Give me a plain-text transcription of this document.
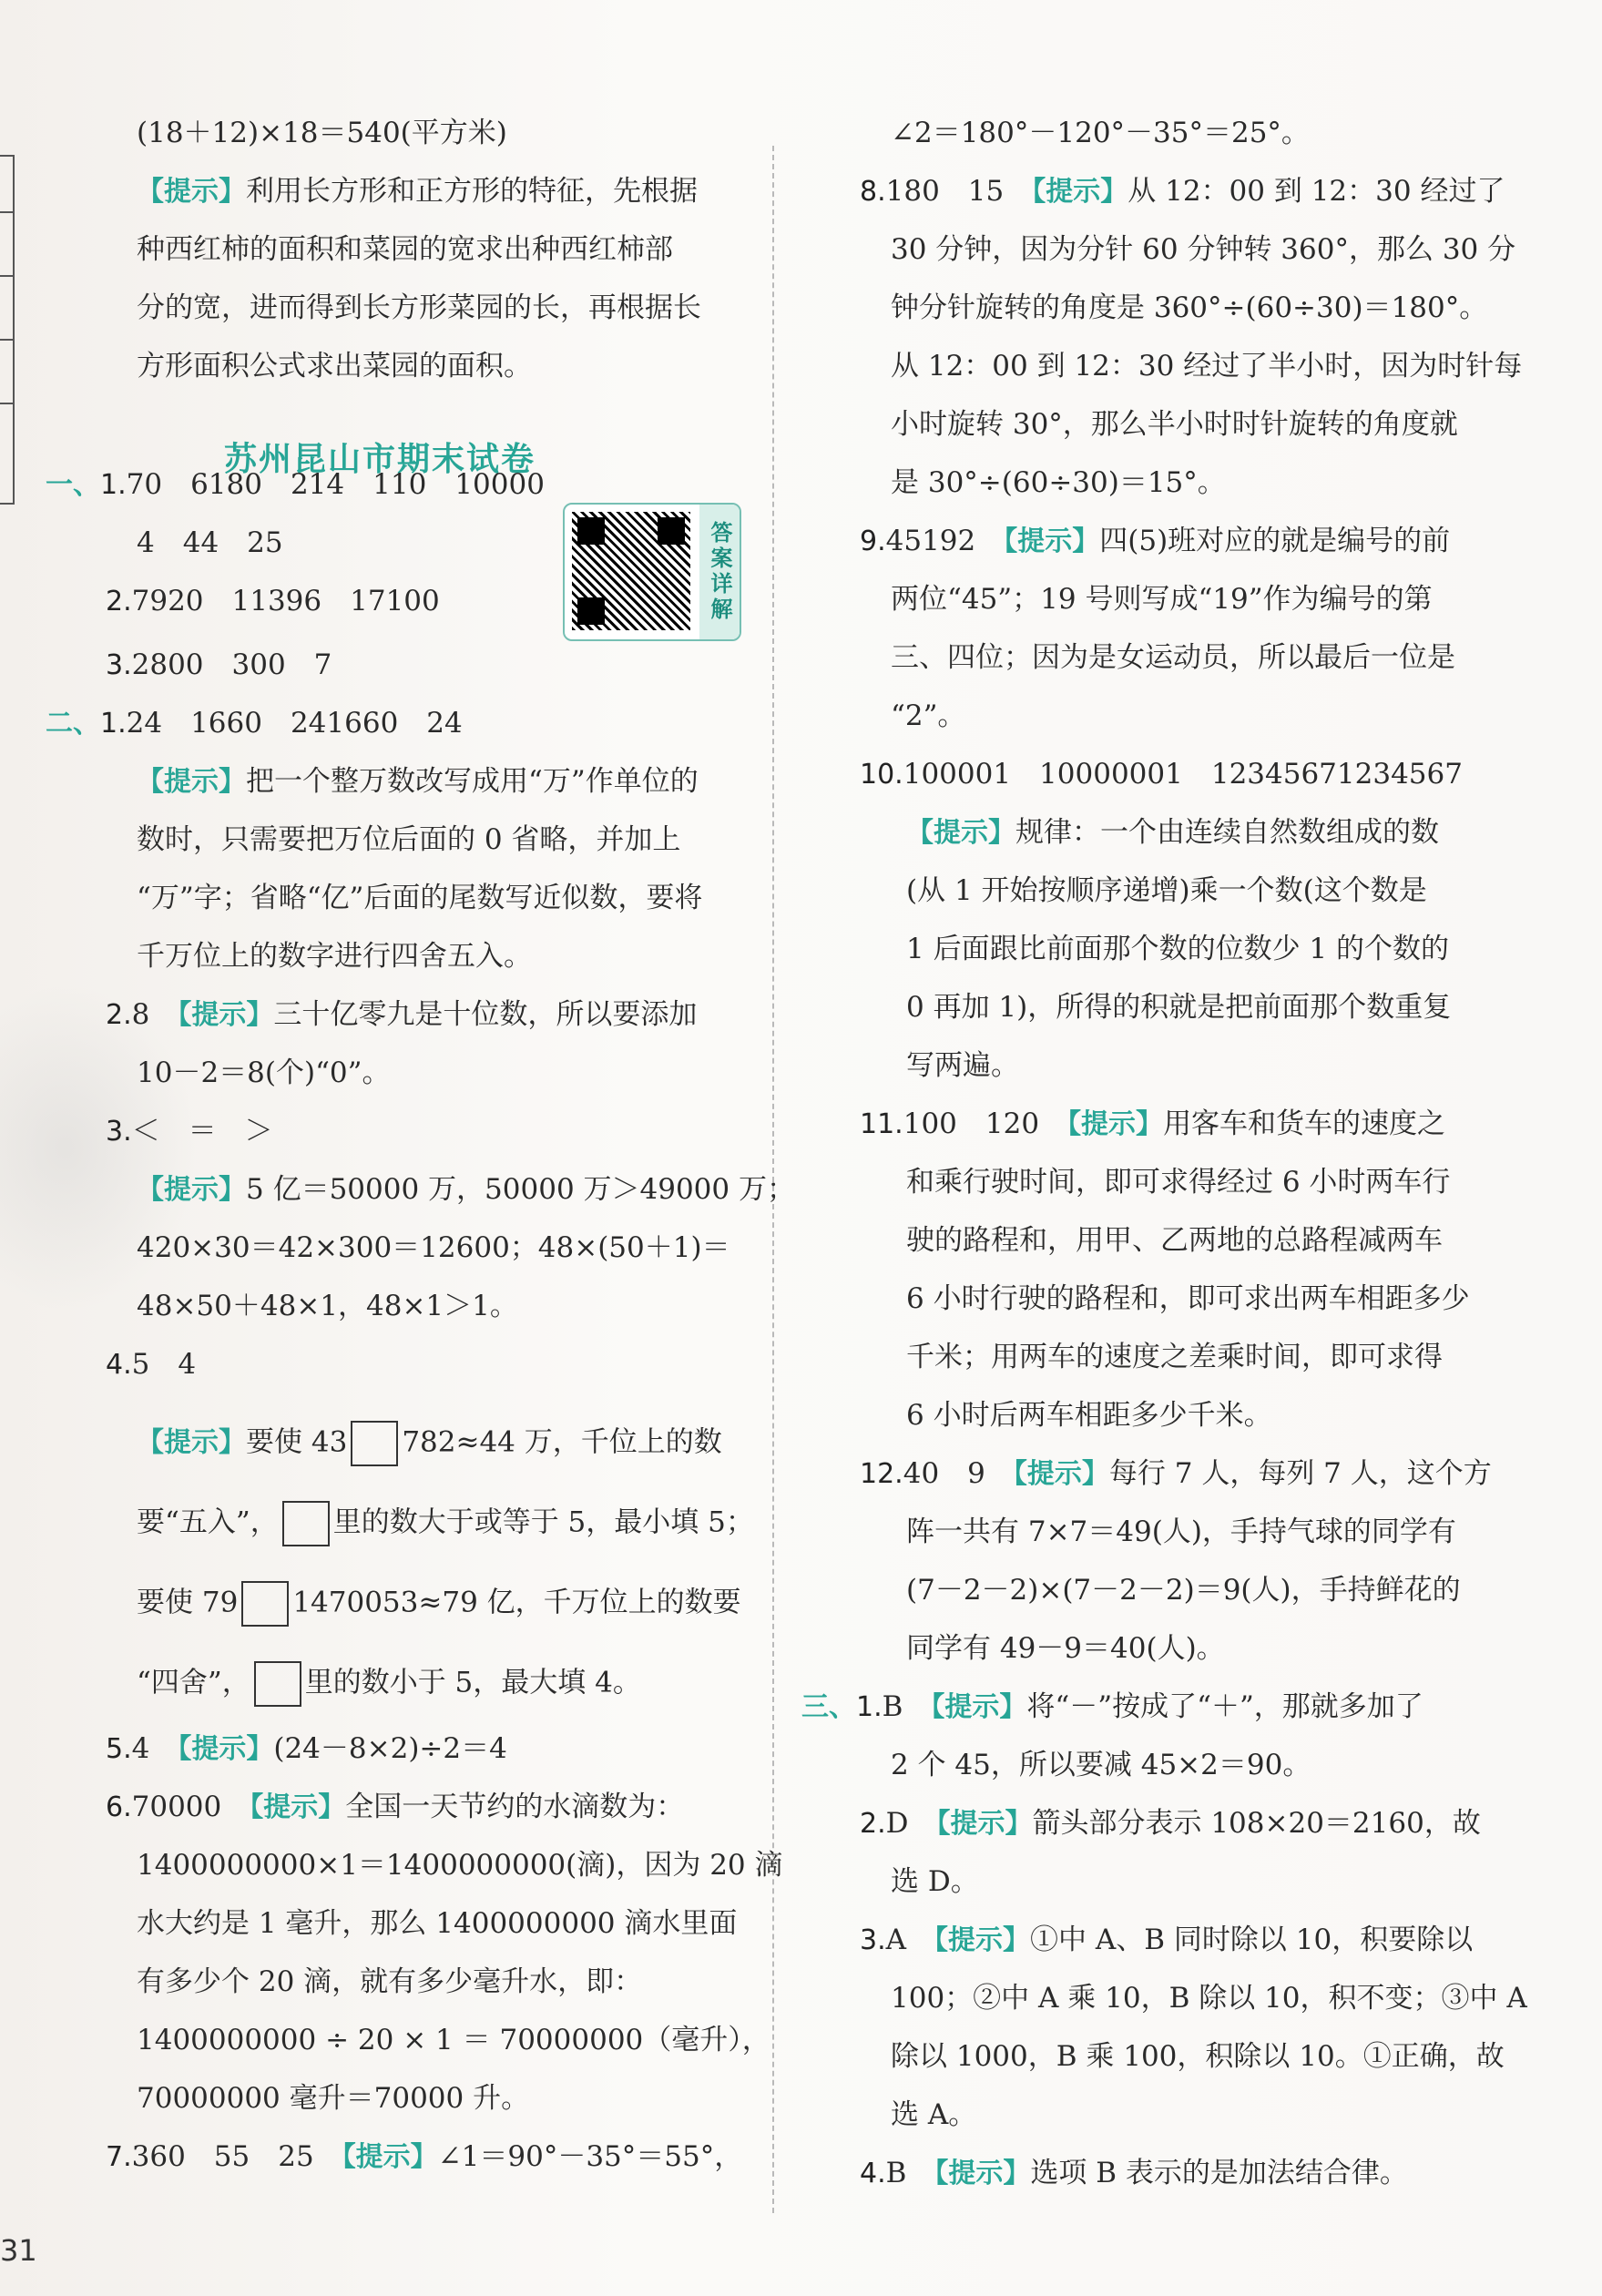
苏州昆山市期末试卷
答案详解
(18＋12)×18＝540(平方米)
【提示】利用长方形和正方形的特征，先根据
种西红柿的面积和菜园的宽求出种西红柿部
分的宽，进而得到长方形菜园的长，再根据长
方形面积公式求出菜园的面积。
一、1.70　6180　214　110　10000
4　44　25
2.7920　11396　17100
3.2800　300　7
二、1.24　1660　241660　24
【提示】把一个整万数改写成用“万”作单位的
数时，只需要把万位后面的 0 省略，并加上
“万”字；省略“亿”后面的尾数写近似数，要将
千万位上的数字进行四舍五入。
2.8　【提示】三十亿零九是十位数，所以要添加
10－2＝8(个)“0”。
3.＜　＝　＞
【提示】5 亿＝50000 万，50000 万＞49000 万；
420×30＝42×300＝12600；48×(50＋1)＝
48×50＋48×1，48×1＞1。
4.5　4
【提示】要使 43 782≈44 万，千位上的数
要“五入”， 里的数大于或等于 5，最小填 5；
要使 79 1470053≈79 亿，千万位上的数要
“四舍”， 里的数小于 5，最大填 4。
5.4　【提示】(24－8×2)÷2＝4
6.70000　【提示】全国一天节约的水滴数为：
1400000000×1＝1400000000(滴)，因为 20 滴
水大约是 1 毫升，那么 1400000000 滴水里面
有多少个 20 滴，就有多少毫升水，即：
1400000000 ÷ 20 × 1 ＝ 70000000（毫升），
70000000 毫升＝70000 升。
7.360　55　25　【提示】∠1＝90°－35°＝55°，
∠2＝180°－120°－35°＝25°。
8.180　15　【提示】从 12：00 到 12：30 经过了
30 分钟，因为分针 60 分钟转 360°，那么 30 分
钟分针旋转的角度是 360°÷(60÷30)＝180°。
从 12：00 到 12：30 经过了半小时，因为时针每
小时旋转 30°，那么半小时时针旋转的角度就
是 30°÷(60÷30)＝15°。
9.45192　【提示】四(5)班对应的就是编号的前
两位“45”；19 号则写成“19”作为编号的第
三、四位；因为是女运动员，所以最后一位是
“2”。
10.100001　10000001　12345671234567
【提示】规律：一个由连续自然数组成的数
(从 1 开始按顺序递增)乘一个数(这个数是
1 后面跟比前面那个数的位数少 1 的个数的
0 再加 1)，所得的积就是把前面那个数重复
写两遍。
11.100　120　【提示】用客车和货车的速度之
和乘行驶时间，即可求得经过 6 小时两车行
驶的路程和，用甲、乙两地的总路程减两车
6 小时行驶的路程和，即可求出两车相距多少
千米；用两车的速度之差乘时间，即可求得
6 小时后两车相距多少千米。
12.40　9　【提示】每行 7 人，每列 7 人，这个方
阵一共有 7×7＝49(人)，手持气球的同学有
(7－2－2)×(7－2－2)＝9(人)，手持鲜花的
同学有 49－9＝40(人)。
三、1.B　【提示】将“－”按成了“＋”，那就多加了
2 个 45，所以要减 45×2＝90。
2.D　【提示】箭头部分表示 108×20＝2160，故
选 D。
3.A　【提示】①中 A、B 同时除以 10，积要除以
100；②中 A 乘 10，B 除以 10，积不变；③中 A
除以 1000，B 乘 100，积除以 10。①正确，故
选 A。
4.B　【提示】选项 B 表示的是加法结合律。
31
